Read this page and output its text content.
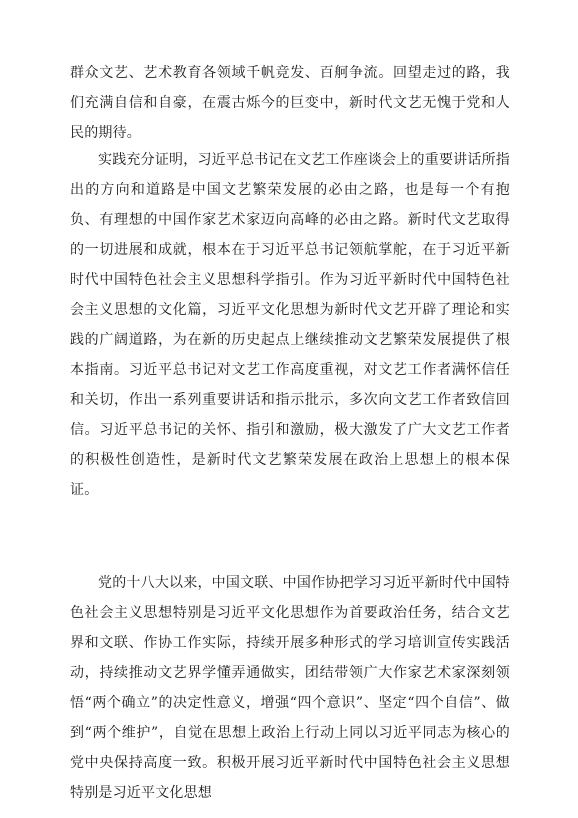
群众文艺、艺术教育各领域千帆竞发、百舸争流。回望走过的路，我们充满自信和自豪，在震古烁今的巨变中，新时代文艺无愧于党和人民的期待。

实践充分证明，习近平总书记在文艺工作座谈会上的重要讲话所指出的方向和道路是中国文艺繁荣发展的必由之路，也是每一个有抱负、有理想的中国作家艺术家迈向高峰的必由之路。新时代文艺取得的一切进展和成就，根本在于习近平总书记领航掌舵，在于习近平新时代中国特色社会主义思想科学指引。作为习近平新时代中国特色社会主义思想的文化篇，习近平文化思想为新时代文艺开辟了理论和实践的广阔道路，为在新的历史起点上继续推动文艺繁荣发展提供了根本指南。习近平总书记对文艺工作高度重视，对文艺工作者满怀信任和关切，作出一系列重要讲话和指示批示，多次向文艺工作者致信回信。习近平总书记的关怀、指引和激励，极大激发了广大文艺工作者的积极性创造性，是新时代文艺繁荣发展在政治上思想上的根本保证。

党的十八大以来，中国文联、中国作协把学习习近平新时代中国特色社会主义思想特别是习近平文化思想作为首要政治任务，结合文艺界和文联、作协工作实际，持续开展多种形式的学习培训宣传实践活动，持续推动文艺界学懂弄通做实，团结带领广大作家艺术家深刻领悟“两个确立”的决定性意义，增强“四个意识”、坚定“四个自信”、做到“两个维护”，自觉在思想上政治上行动上同以习近平同志为核心的党中央保持高度一致。积极开展习近平新时代中国特色社会主义思想特别是习近平文化思想
